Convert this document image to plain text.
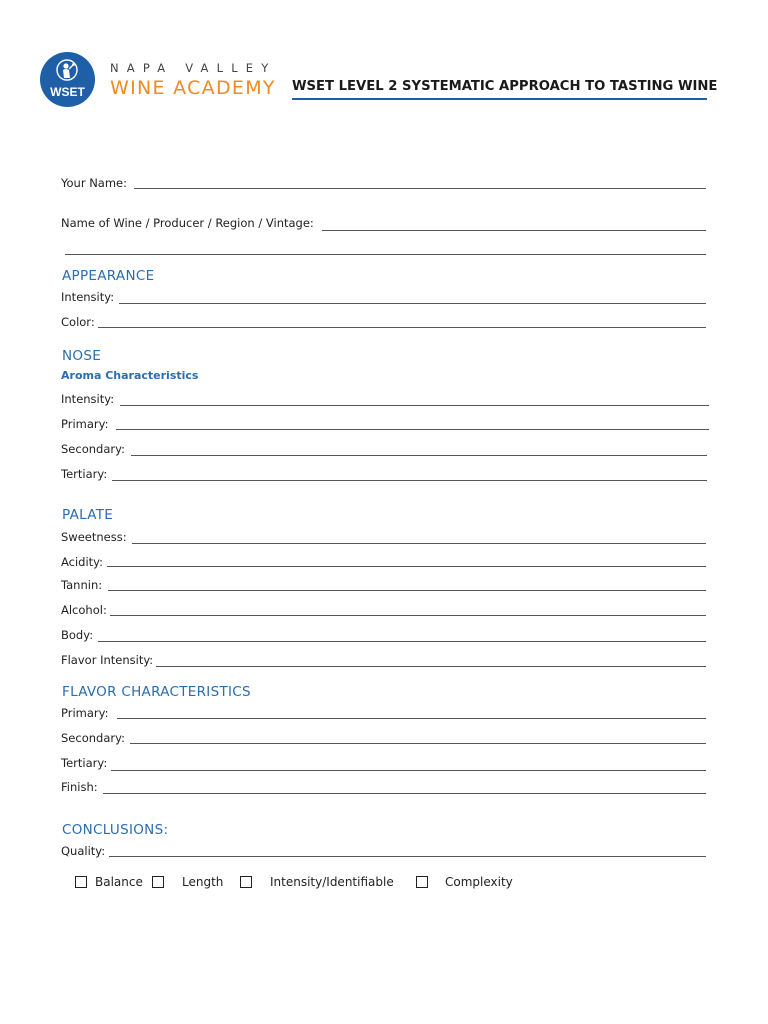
WSET
NAPA VALLEY
WINE ACADEMY WSET LEVEL 2 SYSTEMATIC APPROACH TO TASTING WINE
Your Name:
Name of Wine / Producer / Region / Vintage:
APPEARANCE
Intensity:
Color:
NOSE
Aroma Characteristics
Intensity:
Primary:
Secondary:
Tertiary:
PALATE
Sweetness:
Acidity:
Tannin:
Alcohol:
Body:
Flavor Intensity:
FLAVOR CHARACTERISTICS
Primary:
Secondary:
Tertiary:
Finish:
CONCLUSIONS:
Quality:
Balance	Length	Intensity/Identifiable	Complexity
